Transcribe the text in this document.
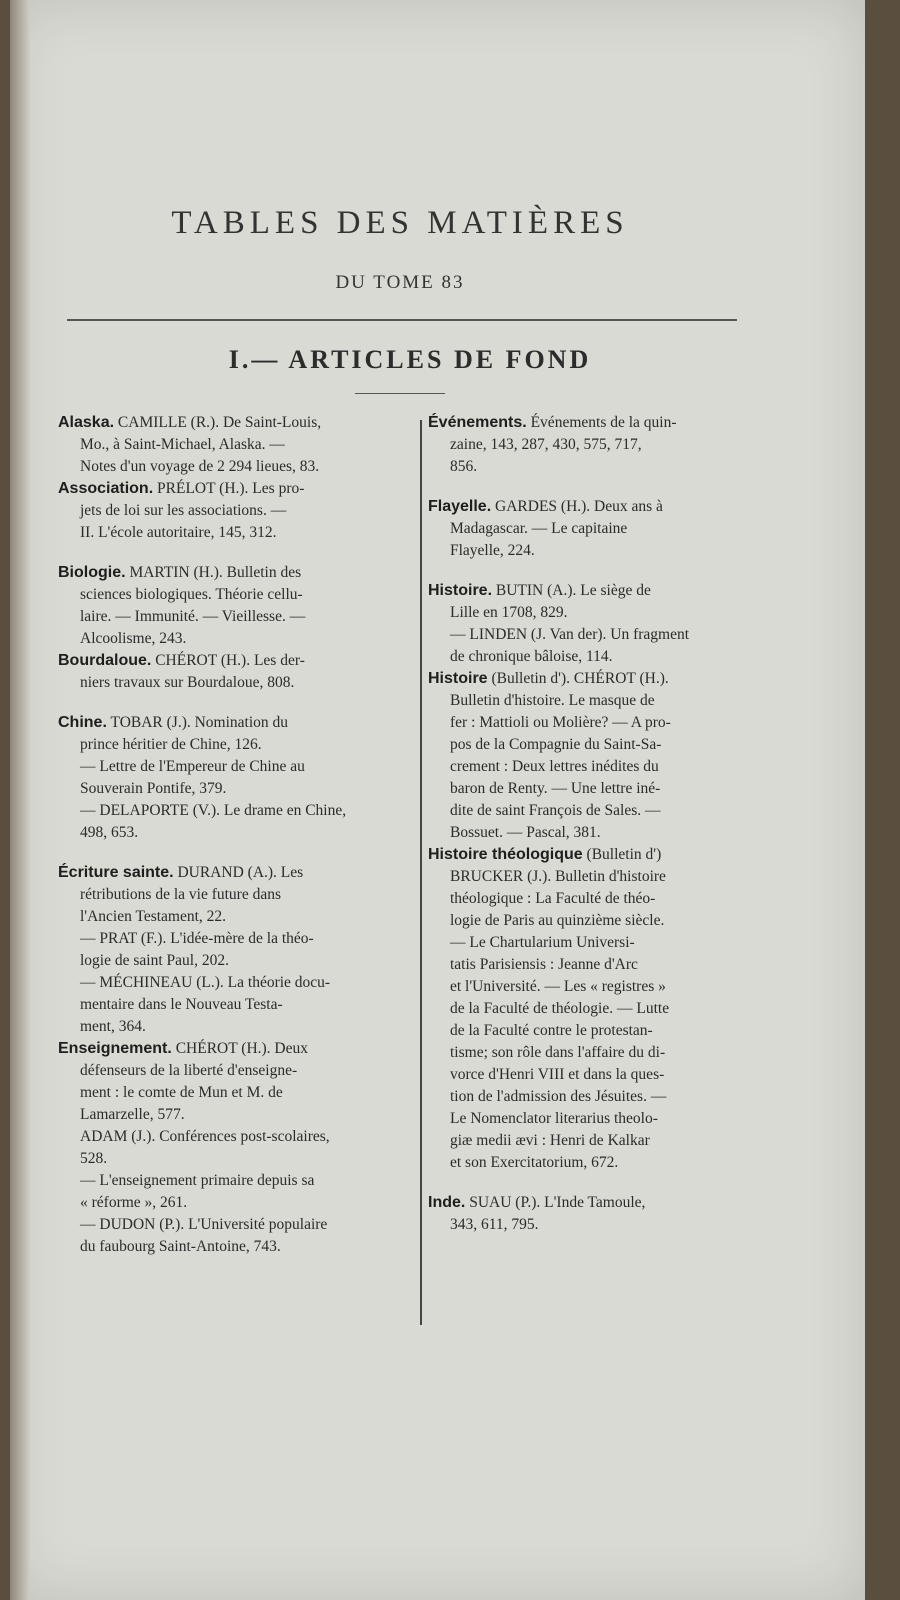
TABLES DES MATIÈRES
DU TOME 83
I.— ARTICLES DE FOND
Alaska. CAMILLE (R.). De Saint-Louis,
Mo., à Saint-Michael, Alaska. —
Notes d'un voyage de 2 294 lieues, 83.
Association. PRÉLOT (H.). Les pro-
jets de loi sur les associations. —
II. L'école autoritaire, 145, 312.
Biologie. MARTIN (H.). Bulletin des
sciences biologiques. Théorie cellu-
laire. — Immunité. — Vieillesse. —
Alcoolisme, 243.
Bourdaloue. CHÉROT (H.). Les der-
niers travaux sur Bourdaloue, 808.
Chine. TOBAR (J.). Nomination du
prince héritier de Chine, 126.
— Lettre de l'Empereur de Chine au
Souverain Pontife, 379.
— DELAPORTE (V.). Le drame en Chine,
498, 653.
Écriture sainte. DURAND (A.). Les
rétributions de la vie future dans
l'Ancien Testament, 22.
— PRAT (F.). L'idée-mère de la théo-
logie de saint Paul, 202.
— MÉCHINEAU (L.). La théorie docu-
mentaire dans le Nouveau Testa-
ment, 364.
Enseignement. CHÉROT (H.). Deux
défenseurs de la liberté d'enseigne-
ment : le comte de Mun et M. de
Lamarzelle, 577.
ADAM (J.). Conférences post-scolaires,
528.
— L'enseignement primaire depuis sa
« réforme », 261.
— DUDON (P.). L'Université populaire
du faubourg Saint-Antoine, 743.
Événements. Événements de la quin-
zaine, 143, 287, 430, 575, 717,
856.
Flayelle. GARDES (H.). Deux ans à
Madagascar. — Le capitaine
Flayelle, 224.
Histoire. BUTIN (A.). Le siège de
Lille en 1708, 829.
— LINDEN (J. Van der). Un fragment
de chronique bâloise, 114.
Histoire (Bulletin d'). CHÉROT (H.).
Bulletin d'histoire. Le masque de
fer : Mattioli ou Molière? — A pro-
pos de la Compagnie du Saint-Sa-
crement : Deux lettres inédites du
baron de Renty. — Une lettre iné-
dite de saint François de Sales. —
Bossuet. — Pascal, 381.
Histoire théologique (Bulletin d')
BRUCKER (J.). Bulletin d'histoire
théologique : La Faculté de théo-
logie de Paris au quinzième siècle.
— Le Chartularium Universi-
tatis Parisiensis : Jeanne d'Arc
et l'Université. — Les « registres »
de la Faculté de théologie. — Lutte
de la Faculté contre le protestan-
tisme; son rôle dans l'affaire du di-
vorce d'Henri VIII et dans la ques-
tion de l'admission des Jésuites. —
Le Nomenclator literarius theolo-
giæ medii ævi : Henri de Kalkar
et son Exercitatorium, 672.
Inde. SUAU (P.). L'Inde Tamoule,
343, 611, 795.
